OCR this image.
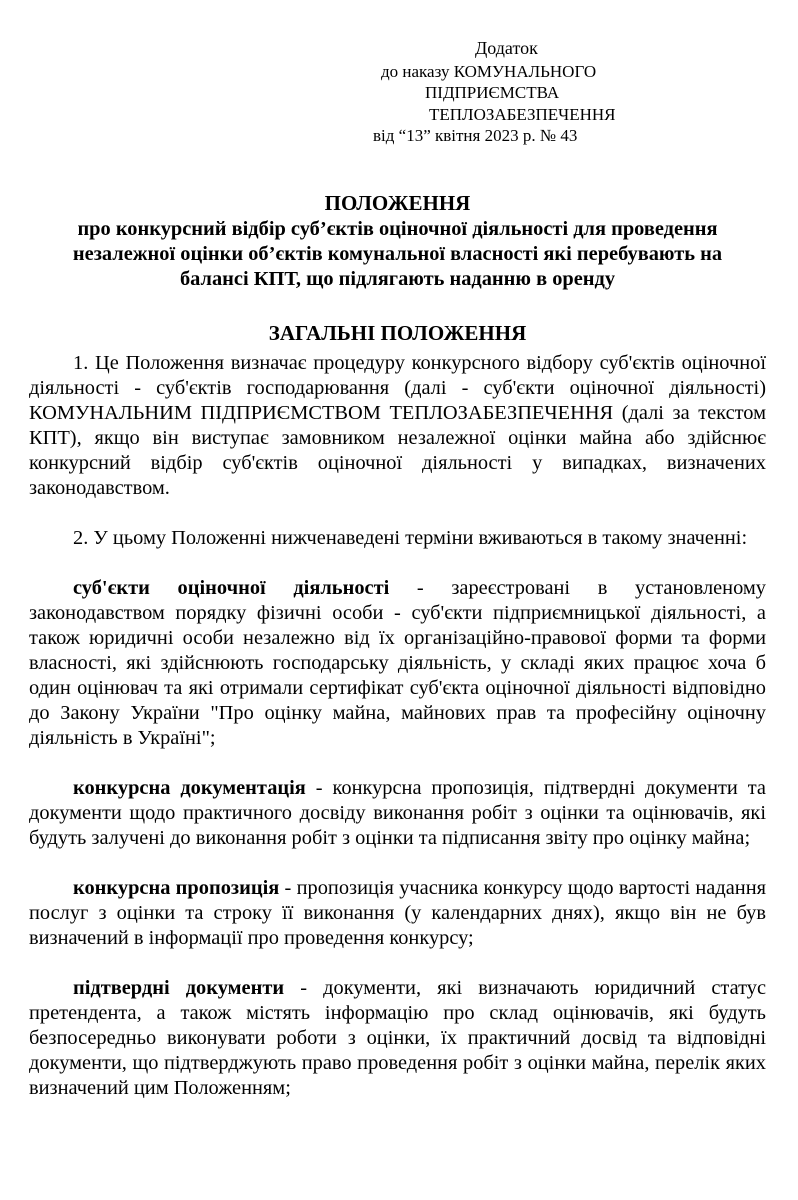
Додаток
до наказу КОМУНАЛЬНОГО
ПІДПРИЄМСТВА
ТЕПЛОЗАБЕЗПЕЧЕННЯ
від “13” квітня 2023 р. № 43
ПОЛОЖЕННЯ
про конкурсний відбір суб’єктів оціночної діяльності для проведення
незалежної оцінки об’єктів комунальної власності які перебувають на
балансі КПТ, що підлягають наданню в оренду
ЗАГАЛЬНІ ПОЛОЖЕННЯ

1. Це Положення визначає процедуру конкурсного відбору суб'єктів оціночної діяльності - суб'єктів господарювання (далі - суб'єкти оціночної діяльності) КОМУНАЛЬНИМ ПІДПРИЄМСТВОМ ТЕПЛОЗАБЕЗПЕЧЕННЯ (далі за текстом КПТ), якщо він виступає замовником незалежної оцінки майна або здійснює конкурсний відбір суб'єктів оціночної діяльності у випадках, визначених законодавством.

2. У цьому Положенні нижченаведені терміни вживаються в такому значенні:

суб'єкти оціночної діяльності - зареєстровані в установленому законодавством порядку фізичні особи - суб'єкти підприємницької діяльності, а також юридичні особи незалежно від їх організаційно-правової форми та форми власності, які здійснюють господарську діяльність, у складі яких працює хоча б один оцінювач та які отримали сертифікат суб'єкта оціночної діяльності відповідно до Закону України "Про оцінку майна, майнових прав та професійну оціночну діяльність в Україні";

конкурсна документація - конкурсна пропозиція, підтвердні документи та документи щодо практичного досвіду виконання робіт з оцінки та оцінювачів, які будуть залучені до виконання робіт з оцінки та підписання звіту про оцінку майна;

конкурсна пропозиція - пропозиція учасника конкурсу щодо вартості надання послуг з оцінки та строку її виконання (у календарних днях), якщо він не був визначений в інформації про проведення конкурсу;

підтвердні документи - документи, які визначають юридичний статус претендента, а також містять інформацію про склад оцінювачів, які будуть безпосередньо виконувати роботи з оцінки, їх практичний досвід та відповідні документи, що підтверджують право проведення робіт з оцінки майна, перелік яких визначений цим Положенням;
